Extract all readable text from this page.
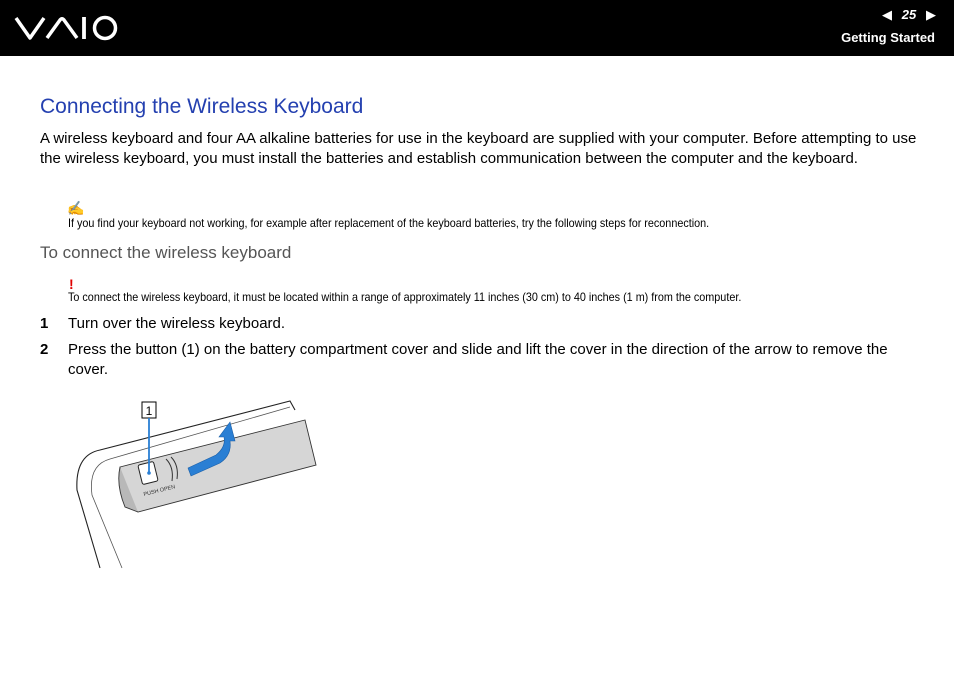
◀ 25 ▶
Getting Started
Connecting the Wireless Keyboard

A wireless keyboard and four AA alkaline batteries for use in the keyboard are supplied with your computer. Before attempting to use the wireless keyboard, you must install the batteries and establish communication between the computer and the keyboard.

✍

If you find your keyboard not working, for example after replacement of the keyboard batteries, try the following steps for reconnection.

To connect the wireless keyboard
!

To connect the wireless keyboard, it must be located within a range of approximately 11 inches (30 cm) to 40 inches (1 m) from the computer.

1 Turn over the wireless keyboard.
2 Press the button (1) on the battery compartment cover and slide and lift the cover in the direction of the arrow to remove the cover.
PUSH OPEN
1
